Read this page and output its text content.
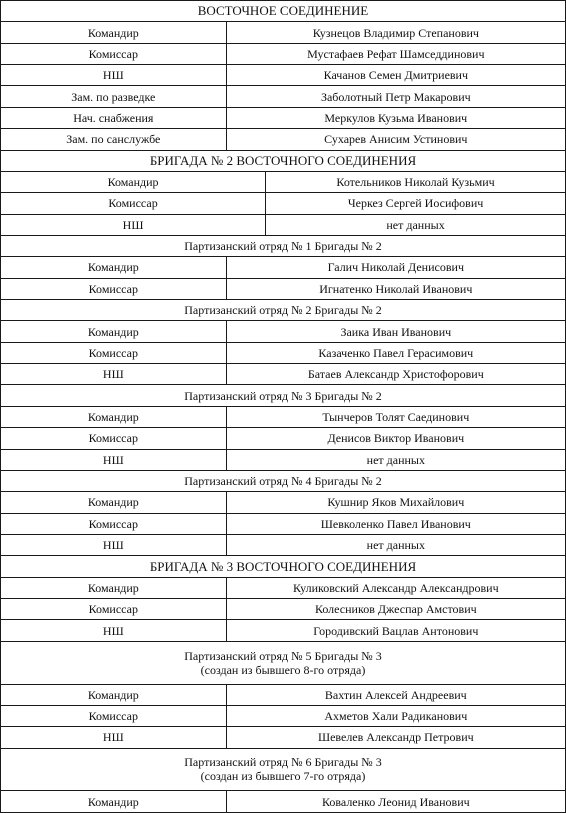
ВОСТОЧНОЕ СОЕДИНЕНИЕ		
Командир	Кузнецов Владимир Степанович	
Комиссар	Мустафаев Рефат Шамседдинович	
НШ	Качанов Семен Дмитриевич	
Зам. по разведке	Заболотный Петр Макарович	
Нач. снабжения	Меркулов Кузьма Иванович	
Зам. по санслужбе	Сухарев Анисим Устинович	
БРИГАДА № 2 ВОСТОЧНОГО СОЕДИНЕНИЯ		
Командир		Котельников Николай Кузьмич
Комиссар		Черкез Сергей Иосифович
НШ		нет данных
Партизанский отряд № 1 Бригады № 2		
Командир	Галич Николай Денисович	
Комиссар	Игнатенко Николай Иванович	
Партизанский отряд № 2 Бригады № 2		
Командир	Заика Иван Иванович	
Комиссар	Казаченко Павел Герасимович	
НШ	Батаев Александр Христофорович	
Партизанский отряд № 3 Бригады № 2		
Командир	Тынчеров Толят Саединович	
Комиссар	Денисов Виктор Иванович	
НШ	нет данных	
Партизанский отряд № 4 Бригады № 2		
Командир	Кушнир Яков Михайлович	
Комиссар	Шевколенко Павел Иванович	
НШ	нет данных	
БРИГАДА № 3 ВОСТОЧНОГО СОЕДИНЕНИЯ		
Командир	Куликовский Александр Александрович	
Комиссар	Колесников Джеспар Амстович	
НШ	Городивский Вацлав Антонович	
Партизанский отряд № 5 Бригады № 3
(создан из бывшего 8-го отряда)		
Командир	Вахтин Алексей Андреевич	
Комиссар	Ахметов Хали Радиканович	
НШ	Шевелев Александр Петрович	
Партизанский отряд № 6 Бригады № 3
(создан из бывшего 7-го отряда)		
Командир	Коваленко Леонид Иванович	
